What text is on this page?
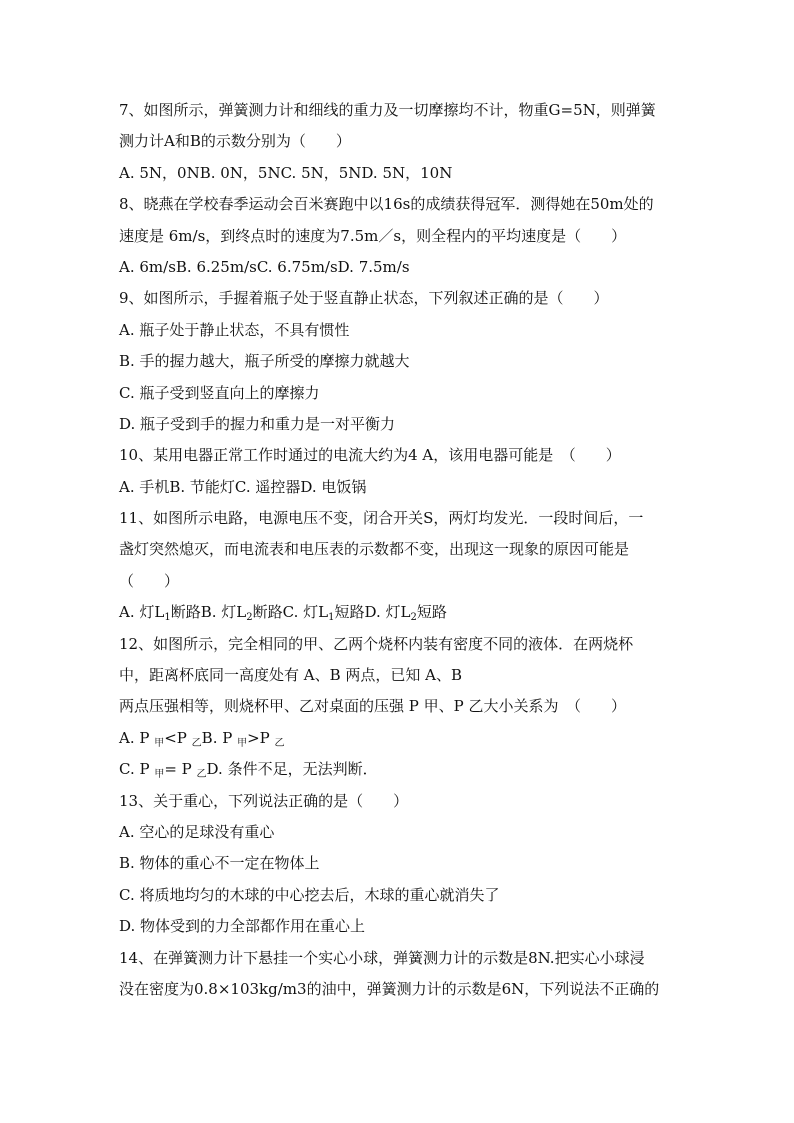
7、如图所示，弹簧测力计和细线的重力及一切摩擦均不计，物重G=5N，则弹簧
测力计A和B的示数分别为（　　）
A. 5N，0NB. 0N，5NC. 5N，5ND. 5N，10N
8、晓燕在学校春季运动会百米赛跑中以16s的成绩获得冠军．测得她在50m处的
速度是 6m/s，到终点时的速度为7.5m／s，则全程内的平均速度是（　　）
A. 6m/sB. 6.25m/sC. 6.75m/sD. 7.5m/s
9、如图所示，手握着瓶子处于竖直静止状态，下列叙述正确的是（　　）
A. 瓶子处于静止状态，不具有惯性
B. 手的握力越大，瓶子所受的摩擦力就越大
C. 瓶子受到竖直向上的摩擦力
D. 瓶子受到手的握力和重力是一对平衡力
10、某用电器正常工作时通过的电流大约为4 A，该用电器可能是　（　　）
A. 手机B. 节能灯C. 遥控器D. 电饭锅
11、如图所示电路，电源电压不变，闭合开关S，两灯均发光．一段时间后，一
盏灯突然熄灭，而电流表和电压表的示数都不变，出现这一现象的原因可能是
（　　）
A. 灯$L_1$断路B. 灯$L_2$断路C. 灯$L_1$短路D. 灯$L_2$短路
12、如图所示，完全相同的甲、乙两个烧杯内装有密度不同的液体．在两烧杯
中，距离杯底同一高度处有 A、B 两点，已知 A、B
两点压强相等，则烧杯甲、乙对桌面的压强 P 甲、P 乙大小关系为　（　　）
A. P $_甲$<P $_乙$B. P $_甲$>P $_乙$
C. P $_甲$= P $_乙$D. 条件不足，无法判断．
13、关于重心，下列说法正确的是（　　）
A. 空心的足球没有重心
B. 物体的重心不一定在物体上
C. 将质地均匀的木球的中心挖去后，木球的重心就消失了
D. 物体受到的力全部都作用在重心上
14、在弹簧测力计下悬挂一个实心小球，弹簧测力计的示数是8N.把实心小球浸
没在密度为0.8×103kg/m3的油中，弹簧测力计的示数是6N，下列说法不正确的
